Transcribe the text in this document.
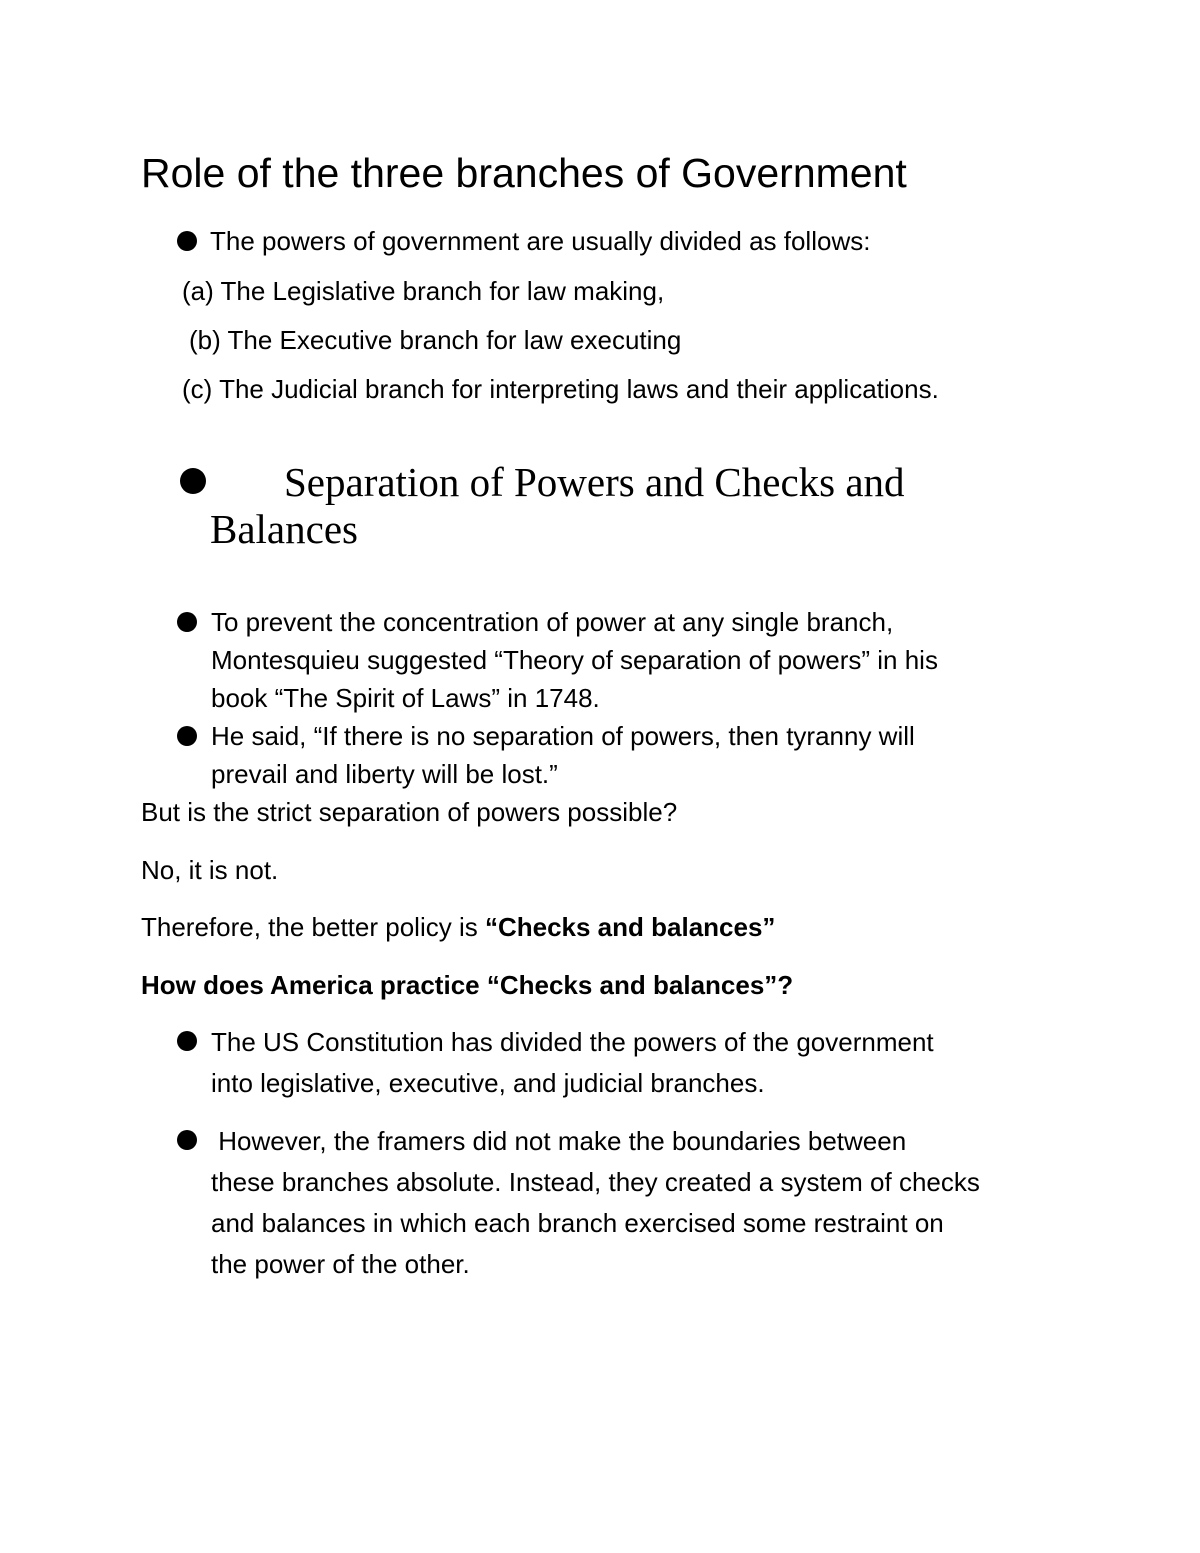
Role of the three branches of Government
The powers of government are usually divided as follows:
(a) The Legislative branch for law making,
(b) The Executive branch for law executing
(c) The Judicial branch for interpreting laws and their applications.
Separation of Powers and Checks and
Balances
To prevent the concentration of power at any single branch,
Montesquieu suggested “Theory of separation of powers” in his
book “The Spirit of Laws” in 1748.
He said, “If there is no separation of powers, then tyranny will
prevail and liberty will be lost.”
But is the strict separation of powers possible?
No, it is not.
Therefore, the better policy is “Checks and balances”
How does America practice “Checks and balances”?
The US Constitution has divided the powers of the government
into legislative, executive, and judicial branches.
However, the framers did not make the boundaries between
these branches absolute. Instead, they created a system of checks
and balances in which each branch exercised some restraint on
the power of the other.
